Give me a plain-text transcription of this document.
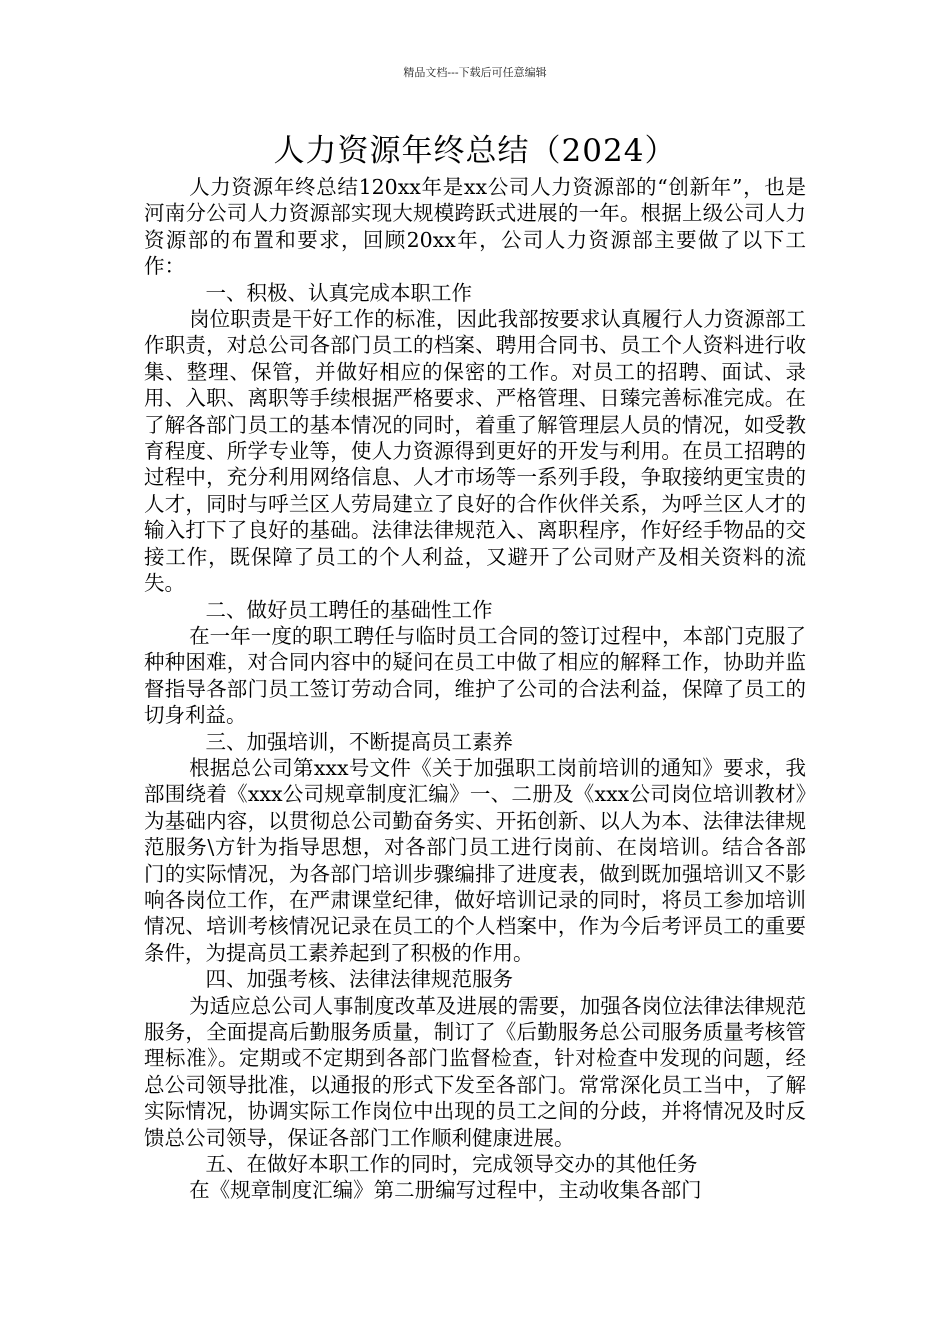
精品文档---下载后可任意编辑
人力资源年终总结（2024）

人力资源年终总结120xx年是xx公司人力资源部的“创新年”，也是河南分公司人力资源部实现大规模跨跃式进展的一年。根据上级公司人力资源部的布置和要求，回顾20xx年，公司人力资源部主要做了以下工作：

一、积极、认真完成本职工作

岗位职责是干好工作的标准，因此我部按要求认真履行人力资源部工作职责，对总公司各部门员工的档案、聘用合同书、员工个人资料进行收集、整理、保管，并做好相应的保密的工作。对员工的招聘、面试、录用、入职、离职等手续根据严格要求、严格管理、日臻完善标准完成。在了解各部门员工的基本情况的同时，着重了解管理层人员的情况，如受教育程度、所学专业等，使人力资源得到更好的开发与利用。在员工招聘的过程中，充分利用网络信息、人才市场等一系列手段，争取接纳更宝贵的人才，同时与呼兰区人劳局建立了良好的合作伙伴关系，为呼兰区人才的输入打下了良好的基础。法律法律规范入、离职程序，作好经手物品的交接工作，既保障了员工的个人利益，又避开了公司财产及相关资料的流失。

二、做好员工聘任的基础性工作

在一年一度的职工聘任与临时员工合同的签订过程中，本部门克服了种种困难，对合同内容中的疑问在员工中做了相应的解释工作，协助并监督指导各部门员工签订劳动合同，维护了公司的合法利益，保障了员工的切身利益。

三、加强培训，不断提高员工素养

根据总公司第xxx号文件《关于加强职工岗前培训的通知》要求，我部围绕着《xxx公司规章制度汇编》一、二册及《xxx公司岗位培训教材》为基础内容，以贯彻总公司勤奋务实、开拓创新、以人为本、法律法律规范服务\方针为指导思想，对各部门员工进行岗前、在岗培训。结合各部门的实际情况，为各部门培训步骤编排了进度表，做到既加强培训又不影响各岗位工作，在严肃课堂纪律，做好培训记录的同时，将员工参加培训情况、培训考核情况记录在员工的个人档案中，作为今后考评员工的重要条件，为提高员工素养起到了积极的作用。

四、加强考核、法律法律规范服务

为适应总公司人事制度改革及进展的需要，加强各岗位法律法律规范服务，全面提高后勤服务质量，制订了《后勤服务总公司服务质量考核管理标准》。定期或不定期到各部门监督检查，针对检查中发现的问题，经总公司领导批准，以通报的形式下发至各部门。常常深化员工当中，了解实际情况，协调实际工作岗位中出现的员工之间的分歧，并将情况及时反馈总公司领导，保证各部门工作顺利健康进展。

五、在做好本职工作的同时，完成领导交办的其他任务

在《规章制度汇编》第二册编写过程中，主动收集各部门
